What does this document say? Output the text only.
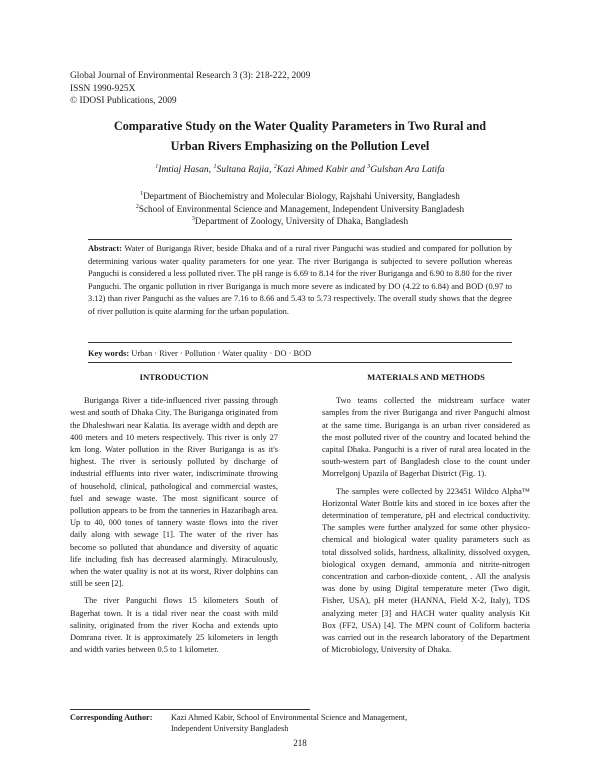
Global Journal of Environmental Research 3 (3): 218-222, 2009
ISSN 1990-925X
© IDOSI Publications, 2009
Comparative Study on the Water Quality Parameters in Two Rural and
Urban Rivers Emphasizing on the Pollution Level
$^1$Imtiaj Hasan, $^1$Sultana Rajia, $^2$Kazi Ahmed Kabir and $^3$Gulshan Ara Latifa
$^1$Department of Biochemistry and Molecular Biology, Rajshahi University, Bangladesh
$^2$School of Environmental Science and Management, Independent University Bangladesh
$^3$Department of Zoology, University of Dhaka, Bangladesh
Abstract: Water of Buriganga River, beside Dhaka and of a rural river Panguchi was studied and compared for pollution by determining various water quality parameters for one year. The river Buriganga is subjected to severe pollution whereas Panguchi is considered a less polluted river. The pH range is 6.69 to 8.14 for the river Buriganga and 6.90 to 8.80 for the river Panguchi. The organic pollution in river Buriganga is much more severe as indicated by DO (4.22 to 6.84) and BOD (0.97 to 3.12) than river Panguchi as the values are 7.16 to 8.66 and 5.43 to 5.73 respectively. The overall study shows that the degree of river pollution is quite alarming for the urban population.
Key words: Urban · River · Pollution · Water quality · DO · BOD
INTRODUCTION

Buriganga River a tide-influenced river passing through west and south of Dhaka City. The Buriganga originated from the Dhaleshwari near Kalatia. Its average width and depth are 400 meters and 10 meters respectively. This river is only 27 km long. Water pollution in the River Buriganga is as it's highest. The river is seriously polluted by discharge of industrial effluents into river water, indiscriminate throwing of household, clinical, pathological and commercial wastes, fuel and sewage waste. The most significant source of pollution appears to be from the tanneries in Hazaribagh area. Up to 40, 000 tones of tannery waste flows into the river daily along with sewage [1]. The water of the river has become so polluted that abundance and diversity of aquatic life including fish has decreased alarmingly. Miraculously, when the water quality is not at its worst, River dolphins can still be seen [2].

The river Panguchi flows 15 kilometers South of Bagerhat town. It is a tidal river near the coast with mild salinity, originated from the river Kocha and extends upto Domrana river. It is approximately 25 kilometers in length and width varies between 0.5 to 1 kilometer.

MATERIALS AND METHODS

Two teams collected the midstream surface water samples from the river Buriganga and river Panguchi almost at the same time. Buriganga is an urban river considered as the most polluted river of the country and located behind the capital Dhaka. Panguchi is a river of rural area located in the south-western part of Bangladesh close to the count under Morrelgonj Upazila of Bagerhat District (Fig. 1).

The sarnples were collected by 223451 Wildco Alpha™ Horizontal Water Bottle kits and stored in ice boxes after the determination of temperature, pH and electrical conductivity. The samples were further analyzed for some other physico-chemical and biological water quality parameters such as total dissolved solids, hardness, alkalinity, dissolved oxygen, biological oxygen demand, ammonia and nitrite-nitrogen concentration and carbon-dioxide content, . All the analysis was done by using Digital temperature meter (Two digit, Fisher, USA), pH meter (HANNA, Field X-2, Italy), TDS analyzing meter [3] and HACH water quality analysis Kit Box (FF2, USA) [4]. The MPN count of Coliform bacteria was carried out in the research laboratory of the Department of Microbiology, University of Dhaka.

Corresponding Author: Kazi Ahmed Kabir, School of Environmental Science and Management,
Independent University Bangladesh
218
